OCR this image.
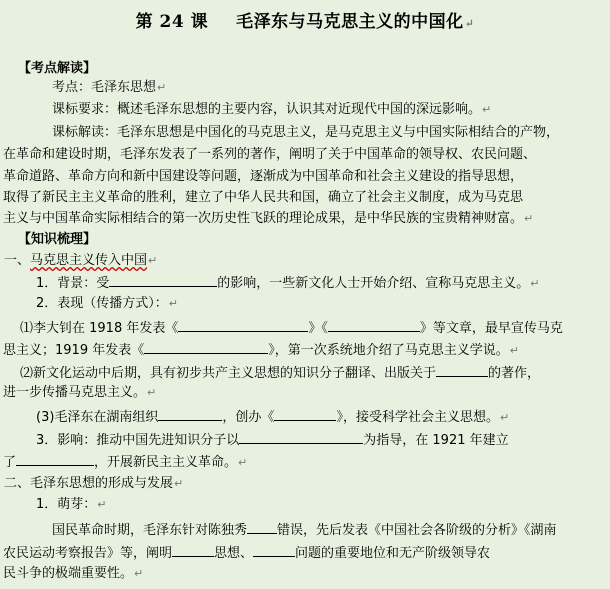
第 24 课 毛泽东与马克思主义的中国化↵
【考点解读】
考点：毛泽东思想↵
课标要求：概述毛泽东思想的主要内容，认识其对近现代中国的深远影响。↵
课标解读：毛泽东思想是中国化的马克思主义，是马克思主义与中国实际相结合的产物，
在革命和建设时期，毛泽东发表了一系列的著作，阐明了关于中国革命的领导权、农民问题、
革命道路、革命方向和新中国建设等问题，逐渐成为中国革命和社会主义建设的指导思想，
取得了新民主主义革命的胜利，建立了中华人民共和国，确立了社会主义制度，成为马克思
主义与中国革命实际相结合的第一次历史性飞跃的理论成果，是中华民族的宝贵精神财富。↵
【知识梳理】
一、马克思主义传入中国↵
1．背景：受	的影响，一些新文化人士开始介绍、宣称马克思主义。↵
2．表现（传播方式）：↵
⑴李大钊在 1918 年发表《	》《	》等文章，最早宣传马克
思主义；1919 年发表《	》，第一次系统地介绍了马克思主义学说。↵
⑵新文化运动中后期，具有初步共产主义思想的知识分子翻译、出版关于	的著作，
进一步传播马克思主义。↵
(3)毛泽东在湖南组织	，创办《	》，接受科学社会主义思想。↵
3．影响：推动中国先进知识分子以	为指导，在 1921 年建立
了	，开展新民主主义革命。↵
二、毛泽东思想的形成与发展↵
1．萌芽：↵
国民革命时期，毛泽东针对陈独秀 错误，先后发表《中国社会各阶级的分析》《湖南
农民运动考察报告》等，阐明	思想、	问题的重要地位和无产阶级领导农
民斗争的极端重要性。↵
